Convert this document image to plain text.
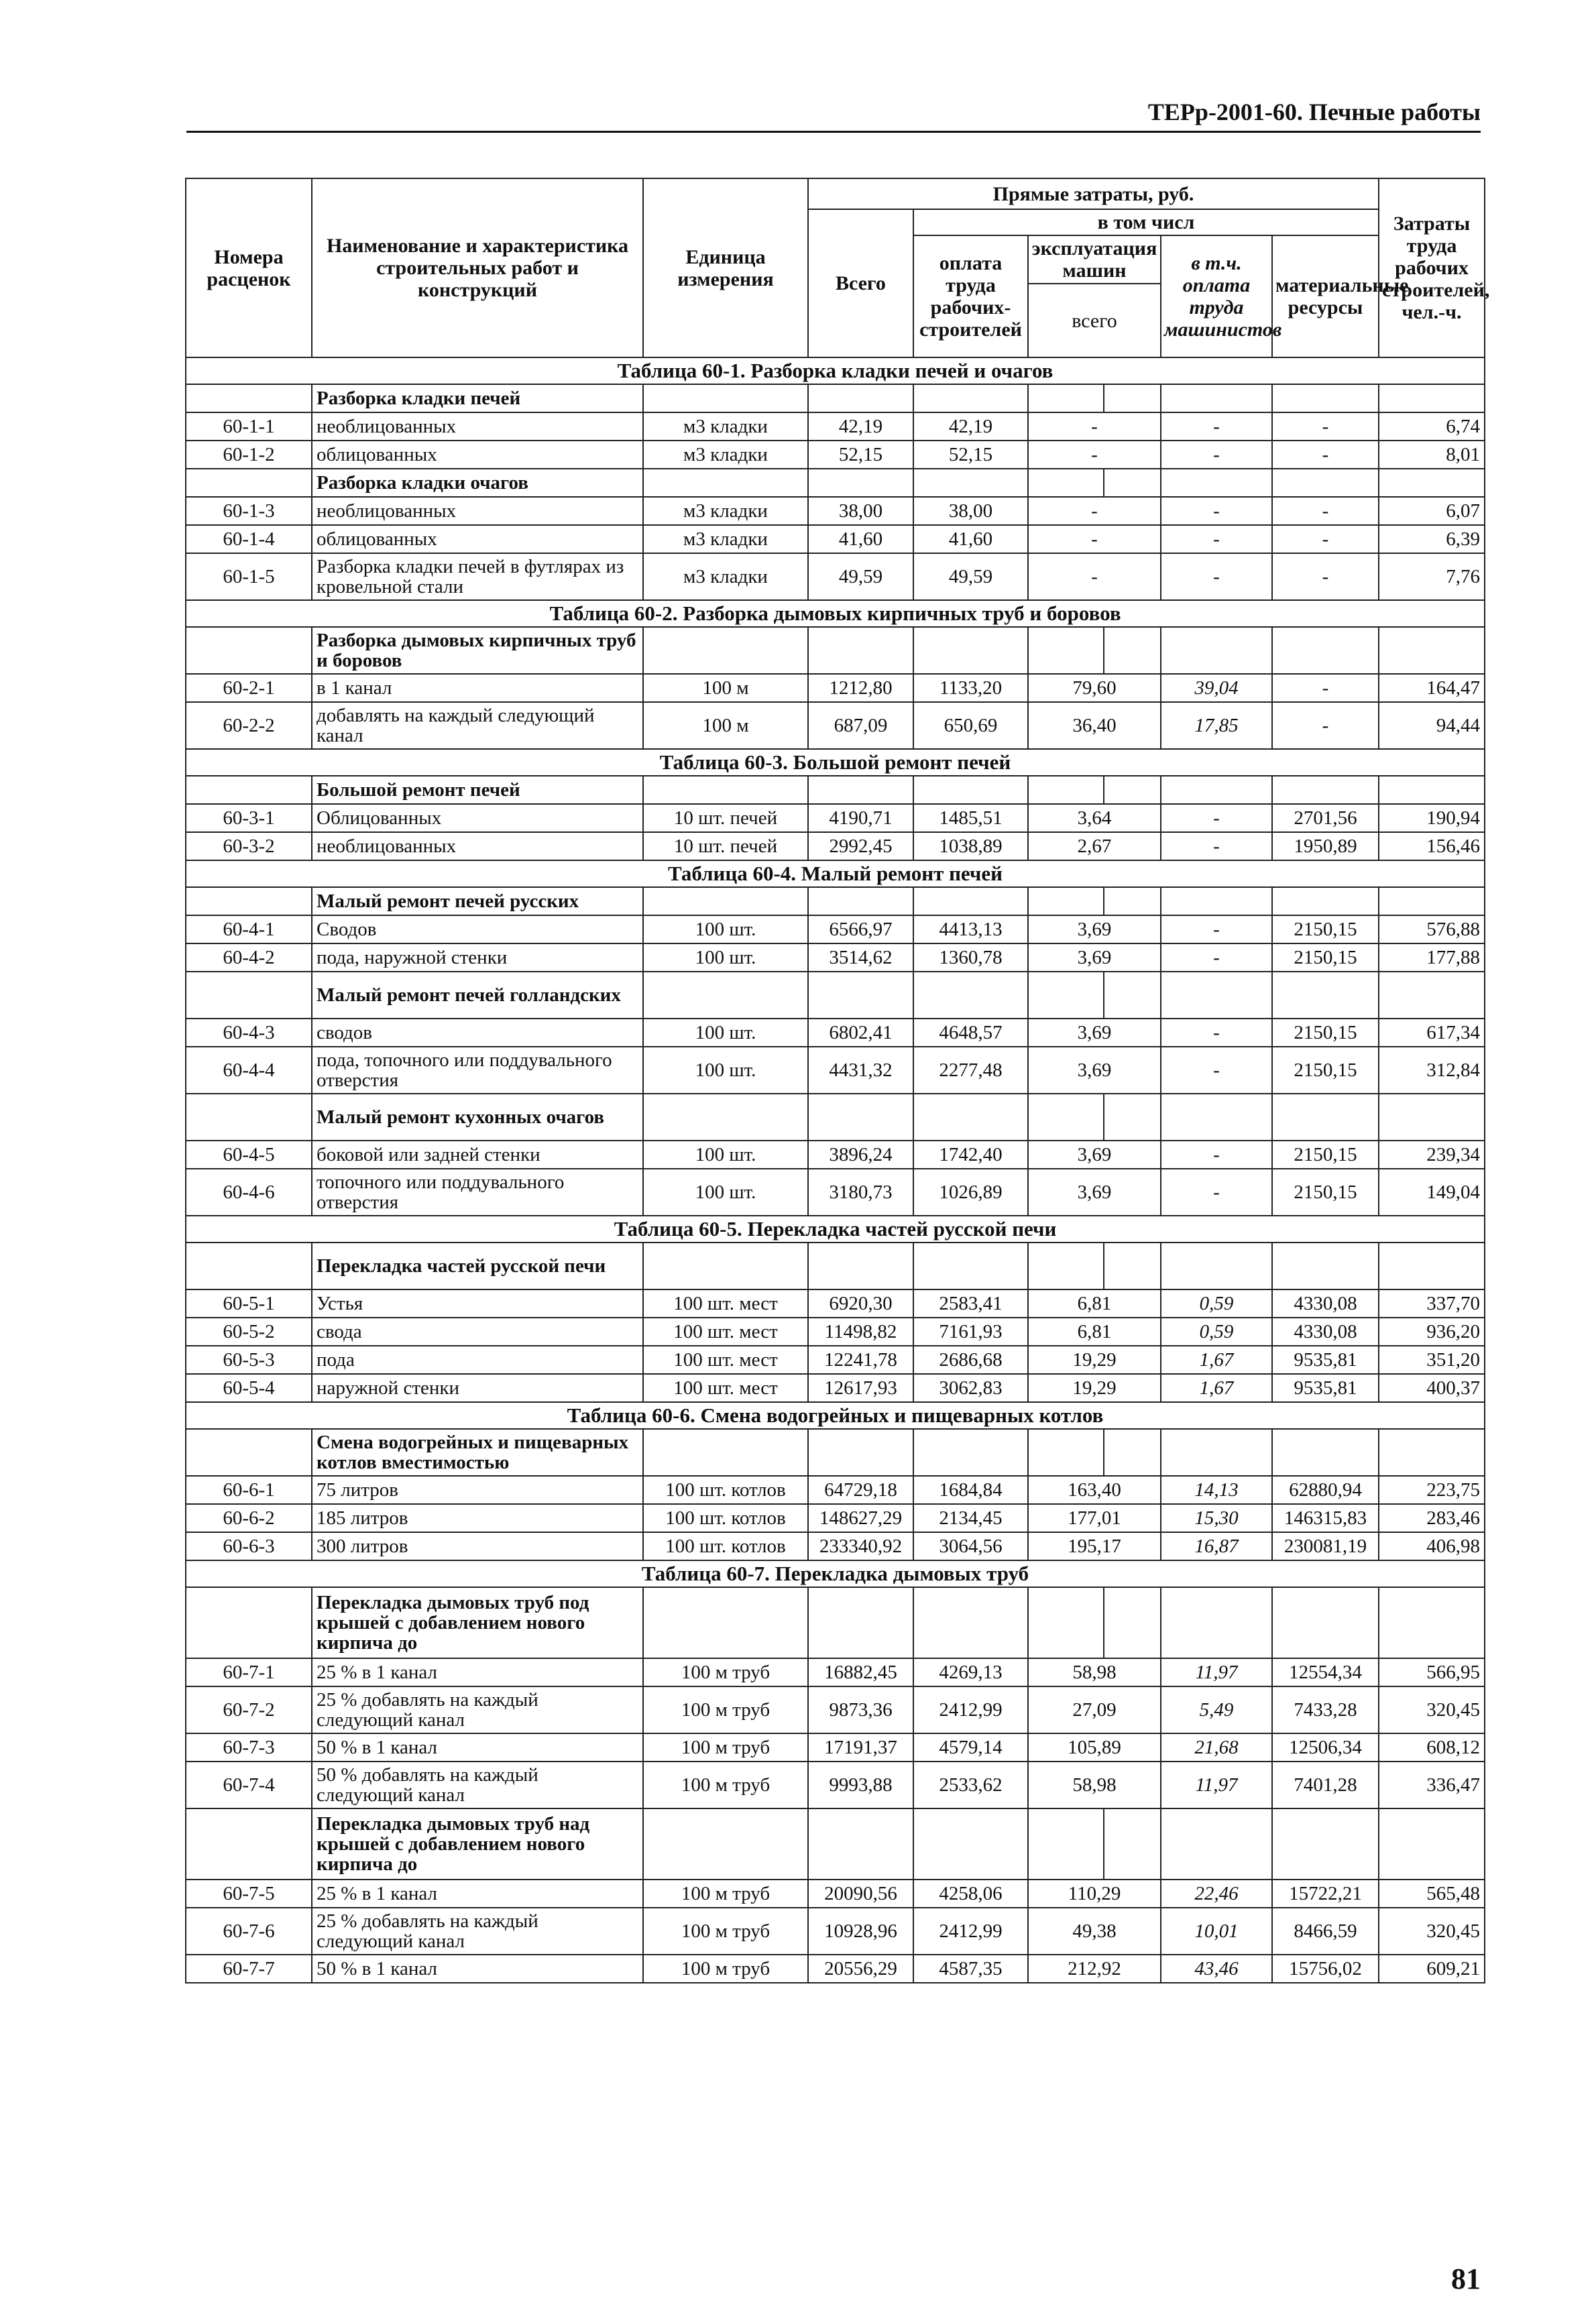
ТЕРр-2001-60. Печные работы
Номера расценок	Наименование и характеристика строительных работ и конструкций	Единица измерения	Прямые затраты, руб.						Затраты труда рабочих строителей, чел.-ч.
			Всего	в том числ					
				оплата труда рабочих-строителей	эксплуатация машин		в т.ч. оплата труда машинистов	материальные ресурсы	
					всего				
Таблица 60-1. Разборка кладки печей и очагов									
	Разборка кладки печей								
60-1-1	необлицованных	м3 кладки	42,19	42,19	-		-	-	6,74
60-1-2	облицованных	м3 кладки	52,15	52,15	-		-	-	8,01
	Разборка кладки очагов								
60-1-3	необлицованных	м3 кладки	38,00	38,00	-		-	-	6,07
60-1-4	облицованных	м3 кладки	41,60	41,60	-		-	-	6,39
60-1-5	Разборка кладки печей в футлярах из кровельной стали	м3 кладки	49,59	49,59	-		-	-	7,76
Таблица 60-2. Разборка дымовых кирпичных труб и боровов									
	Разборка дымовых кирпичных труб и боровов								
60-2-1	в 1 канал	100 м	1212,80	1133,20	79,60		39,04	-	164,47
60-2-2	добавлять на каждый следующий канал	100 м	687,09	650,69	36,40		17,85	-	94,44
Таблица 60-3. Большой ремонт печей									
	Большой ремонт печей								
60-3-1	Облицованных	10 шт. печей	4190,71	1485,51	3,64		-	2701,56	190,94
60-3-2	необлицованных	10 шт. печей	2992,45	1038,89	2,67		-	1950,89	156,46
Таблица 60-4. Малый ремонт печей									
	Малый ремонт печей русских								
60-4-1	Сводов	100 шт.	6566,97	4413,13	3,69		-	2150,15	576,88
60-4-2	пода, наружной стенки	100 шт.	3514,62	1360,78	3,69		-	2150,15	177,88
	Малый ремонт печей голландских								
60-4-3	сводов	100 шт.	6802,41	4648,57	3,69		-	2150,15	617,34
60-4-4	пода, топочного или поддувального отверстия	100 шт.	4431,32	2277,48	3,69		-	2150,15	312,84
	Малый ремонт кухонных очагов								
60-4-5	боковой или задней стенки	100 шт.	3896,24	1742,40	3,69		-	2150,15	239,34
60-4-6	топочного или поддувального отверстия	100 шт.	3180,73	1026,89	3,69		-	2150,15	149,04
Таблица 60-5. Перекладка частей русской печи									
	Перекладка частей русской печи								
60-5-1	Устья	100 шт. мест	6920,30	2583,41	6,81		0,59	4330,08	337,70
60-5-2	свода	100 шт. мест	11498,82	7161,93	6,81		0,59	4330,08	936,20
60-5-3	пода	100 шт. мест	12241,78	2686,68	19,29		1,67	9535,81	351,20
60-5-4	наружной стенки	100 шт. мест	12617,93	3062,83	19,29		1,67	9535,81	400,37
Таблица 60-6. Смена водогрейных и пищеварных котлов									
	Смена водогрейных и пищеварных котлов вместимостью								
60-6-1	75 литров	100 шт. котлов	64729,18	1684,84	163,40		14,13	62880,94	223,75
60-6-2	185 литров	100 шт. котлов	148627,29	2134,45	177,01		15,30	146315,83	283,46
60-6-3	300 литров	100 шт. котлов	233340,92	3064,56	195,17		16,87	230081,19	406,98
Таблица 60-7. Перекладка дымовых труб									
	Перекладка дымовых труб под крышей с добавлением нового кирпича до								
60-7-1	25 % в 1 канал	100 м труб	16882,45	4269,13	58,98		11,97	12554,34	566,95
60-7-2	25 % добавлять на каждый следующий канал	100 м труб	9873,36	2412,99	27,09		5,49	7433,28	320,45
60-7-3	50 % в 1 канал	100 м труб	17191,37	4579,14	105,89		21,68	12506,34	608,12
60-7-4	50 % добавлять на каждый следующий канал	100 м труб	9993,88	2533,62	58,98		11,97	7401,28	336,47
	Перекладка дымовых труб над крышей с добавлением нового кирпича до								
60-7-5	25 % в 1 канал	100 м труб	20090,56	4258,06	110,29		22,46	15722,21	565,48
60-7-6	25 % добавлять на каждый следующий канал	100 м труб	10928,96	2412,99	49,38		10,01	8466,59	320,45
60-7-7	50 % в 1 канал	100 м труб	20556,29	4587,35	212,92		43,46	15756,02	609,21
81
